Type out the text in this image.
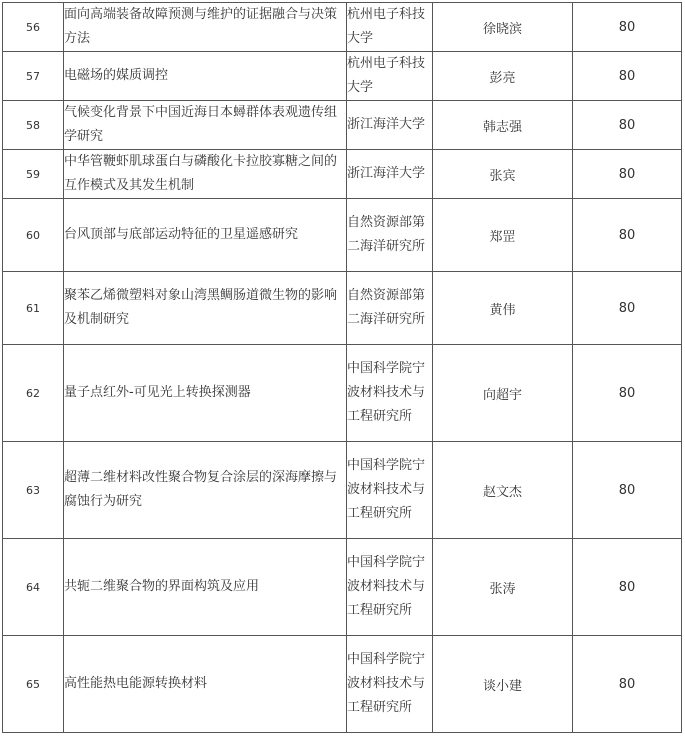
56	面向高端装备故障预测与维护的证据融合与决策方法	杭州电子科技大学	徐晓滨	80
57	电磁场的媒质调控	杭州电子科技大学	彭亮	80
58	气候变化背景下中国近海日本蟳群体表观遗传组学研究	浙江海洋大学	韩志强	80
59	中华管鞭虾肌球蛋白与磷酸化卡拉胶寡糖之间的互作模式及其发生机制	浙江海洋大学	张宾	80
60	台风顶部与底部运动特征的卫星遥感研究	自然资源部第二海洋研究所	郑罡	80
61	聚苯乙烯微塑料对象山湾黑鲷肠道微生物的影响及机制研究	自然资源部第二海洋研究所	黄伟	80
62	量子点红外-可见光上转换探测器	中国科学院宁波材料技术与工程研究所	向超宇	80
63	超薄二维材料改性聚合物复合涂层的深海摩擦与腐蚀行为研究	中国科学院宁波材料技术与工程研究所	赵文杰	80
64	共轭二维聚合物的界面构筑及应用	中国科学院宁波材料技术与工程研究所	张涛	80
65	高性能热电能源转换材料	中国科学院宁波材料技术与工程研究所	谈小建	80
